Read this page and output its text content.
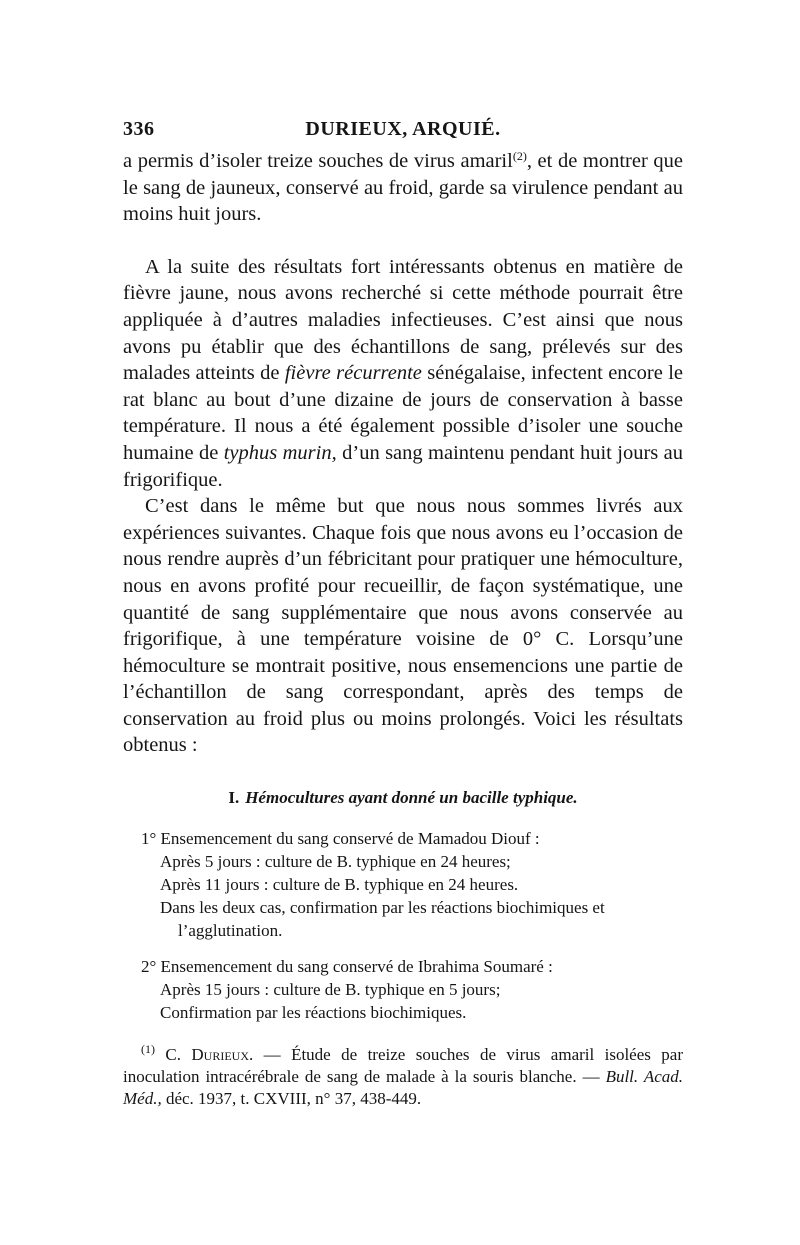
336	DURIEUX, ARQUIÉ.

a permis d’isoler treize souches de virus amaril$^{(2)}$, et de montrer que le sang de jauneux, conservé au froid, garde sa virulence pendant au moins huit jours.

A la suite des résultats fort intéressants obtenus en matière de fièvre jaune, nous avons recherché si cette méthode pourrait être appliquée à d’autres maladies infectieuses. C’est ainsi que nous avons pu établir que des échantillons de sang, prélevés sur des malades atteints de fièvre récurrente sénégalaise, infectent encore le rat blanc au bout d’une dizaine de jours de conservation à basse température. Il nous a été également possible d’isoler une souche humaine de typhus murin, d’un sang maintenu pendant huit jours au frigorifique.

C’est dans le même but que nous nous sommes livrés aux expériences suivantes. Chaque fois que nous avons eu l’occasion de nous rendre auprès d’un fébricitant pour pratiquer une hémoculture, nous en avons profité pour recueillir, de façon systématique, une quantité de sang supplémentaire que nous avons conservée au frigorifique, à une température voisine de 0° C. Lorsqu’une hémoculture se montrait positive, nous ensemencions une partie de l’échantillon de sang correspondant, après des temps de conservation au froid plus ou moins prolongés. Voici les résultats obtenus :

I. Hémocultures ayant donné un bacille typhique.
1° Ensemencement du sang conservé de Mamadou Diouf :
Après 5 jours : culture de B. typhique en 24 heures;
Après 11 jours : culture de B. typhique en 24 heures.
Dans les deux cas, confirmation par les réactions biochimiques et l’agglutination.
2° Ensemencement du sang conservé de Ibrahima Soumaré :
Après 15 jours : culture de B. typhique en 5 jours;
Confirmation par les réactions biochimiques.
$^{(1)}$ C. Durieux. — Étude de treize souches de virus amaril isolées par inoculation intracérébrale de sang de malade à la souris blanche. — Bull. Acad. Méd., déc. 1937, t. CXVIII, n° 37, 438-449.
